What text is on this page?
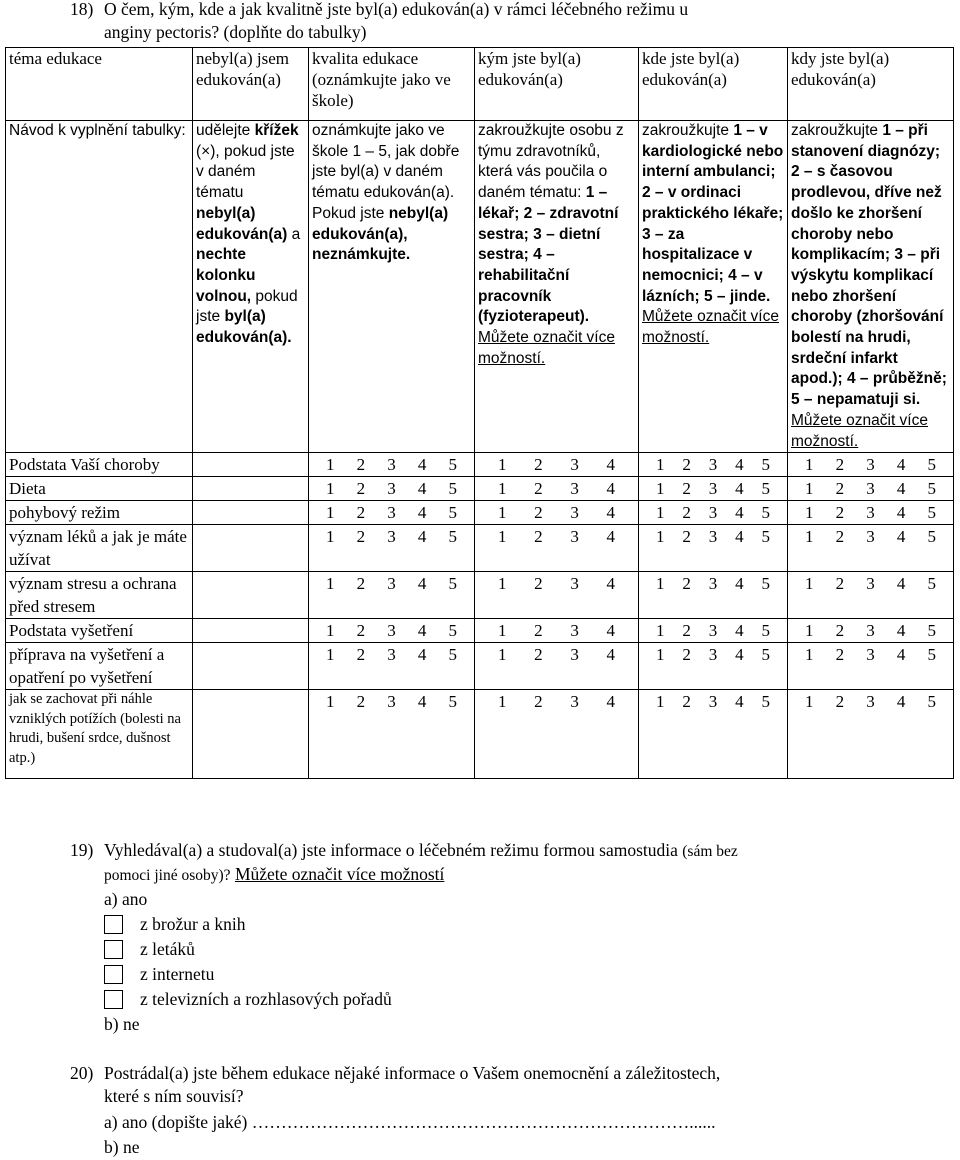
18) O čem, kým, kde a jak kvalitně jste byl(a) edukován(a) v rámci léčebného režimu u
anginy pectoris? (doplňte do tabulky)
téma edukace	nebyl(a) jsem edukován(a)	kvalita edukace (oznámkujte jako ve škole)	kým jste byl(a) edukován(a)	kde jste byl(a) edukován(a)	kdy jste byl(a) edukován(a)
Návod k vyplnění tabulky:	udělejte křížek (×), pokud jste v daném tématu nebyl(a) edukován(a) a nechte kolonku volnou, pokud jste byl(a) edukován(a).	oznámkujte jako ve škole 1 – 5, jak dobře jste byl(a) v daném tématu edukován(a). Pokud jste nebyl(a) edukován(a), neznámkujte.	zakroužkujte osobu z týmu zdravotníků, která vás poučila o daném tématu: 1 – lékař; 2 – zdravotní sestra; 3 – dietní sestra; 4 – rehabilitační pracovník (fyzioterapeut). Můžete označit více možností.	zakroužkujte 1 – v kardiologické nebo interní ambulanci; 2 – v ordinaci praktického lékaře; 3 – za hospitalizace v nemocnici; 4 – v lázních; 5 – jinde. Můžete označit více možností.	zakroužkujte 1 – při stanovení diagnózy; 2 – s časovou prodlevou, dříve než došlo ke zhoršení choroby nebo komplikacím; 3 – při výskytu komplikací nebo zhoršení choroby (zhoršování bolestí na hrudi, srdeční infarkt apod.); 4 – průběžně; 5 – nepamatuji si. Můžete označit více možností.
Podstata Vaší choroby		1 2 3 4 5	1 2 3 4	1 2 3 4 5	1 2 3 4 5

Dieta		1 2 3 4 5	1 2 3 4	1 2 3 4 5	1 2 3 4 5

pohybový režim		1 2 3 4 5	1 2 3 4	1 2 3 4 5	1 2 3 4 5

význam léků a jak je máte užívat		1 2 3 4 5	1 2 3 4	1 2 3 4 5	1 2 3 4 5

význam stresu a ochrana před stresem		1 2 3 4 5	1 2 3 4	1 2 3 4 5	1 2 3 4 5

Podstata vyšetření		1 2 3 4 5	1 2 3 4	1 2 3 4 5	1 2 3 4 5

příprava na vyšetření a opatření po vyšetření		1 2 3 4 5	1 2 3 4	1 2 3 4 5	1 2 3 4 5

jak se zachovat při náhle vzniklých potížích (bolesti na hrudi, bušení srdce, dušnost atp.)		1 2 3 4 5	1 2 3 4	1 2 3 4 5	1 2 3 4 5
19) Vyhledával(a) a studoval(a) jste informace o léčebném režimu formou samostudia (sám bez
pomoci jiné osoby)? Můžete označit více možností
a) ano
z brožur a knih
z letáků
z internetu
z televizních a rozhlasových pořadů
b) ne
20) Postrádal(a) jste během edukace nějaké informace o Vašem onemocnění a záležitostech,
které s ním souvisí?
a) ano (dopište jaké) …………………………………………………………………......
b) ne
